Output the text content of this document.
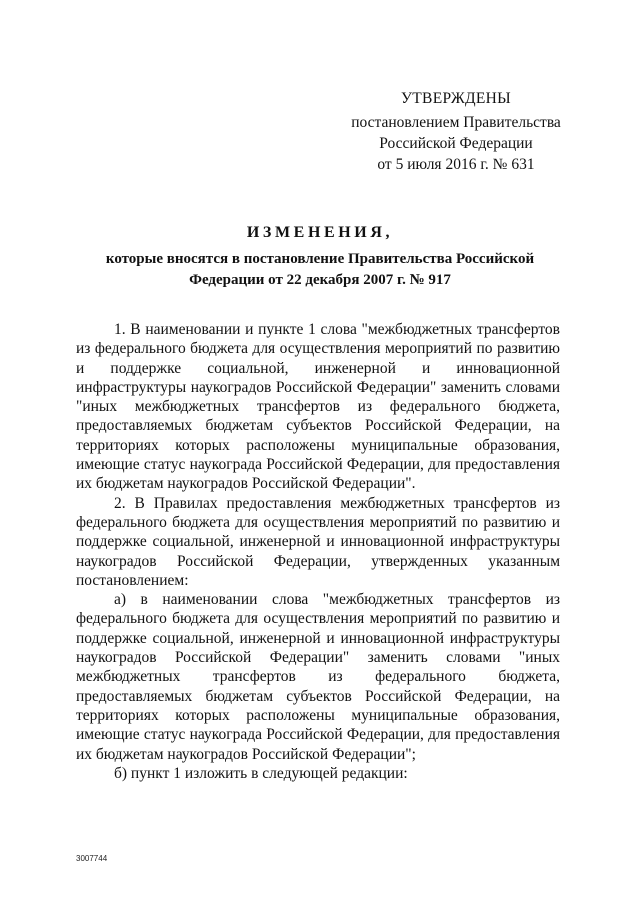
УТВЕРЖДЕНЫ
постановлением Правительства
Российской Федерации
от 5 июля 2016 г. № 631
ИЗМЕНЕНИЯ,
которые вносятся в постановление Правительства Российской
Федерации от 22 декабря 2007 г. № 917

1. В наименовании и пункте 1 слова "межбюджетных трансфертов из федерального бюджета для осуществления мероприятий по развитию и поддержке социальной, инженерной и инновационной инфраструктуры наукоградов Российской Федерации" заменить словами "иных межбюджетных трансфертов из федерального бюджета, предоставляемых бюджетам субъектов Российской Федерации, на территориях которых расположены муниципальные образования, имеющие статус наукограда Российской Федерации, для предоставления их бюджетам наукоградов Российской Федерации".

2. В Правилах предоставления межбюджетных трансфертов из федерального бюджета для осуществления мероприятий по развитию и поддержке социальной, инженерной и инновационной инфраструктуры наукоградов Российской Федерации, утвержденных указанным постановлением:

а) в наименовании слова "межбюджетных трансфертов из федерального бюджета для осуществления мероприятий по развитию и поддержке социальной, инженерной и инновационной инфраструктуры наукоградов Российской Федерации" заменить словами "иных межбюджетных трансфертов из федерального бюджета, предоставляемых бюджетам субъектов Российской Федерации, на территориях которых расположены муниципальные образования, имеющие статус наукограда Российской Федерации, для предоставления их бюджетам наукоградов Российской Федерации";

б) пункт 1 изложить в следующей редакции:

3007744
